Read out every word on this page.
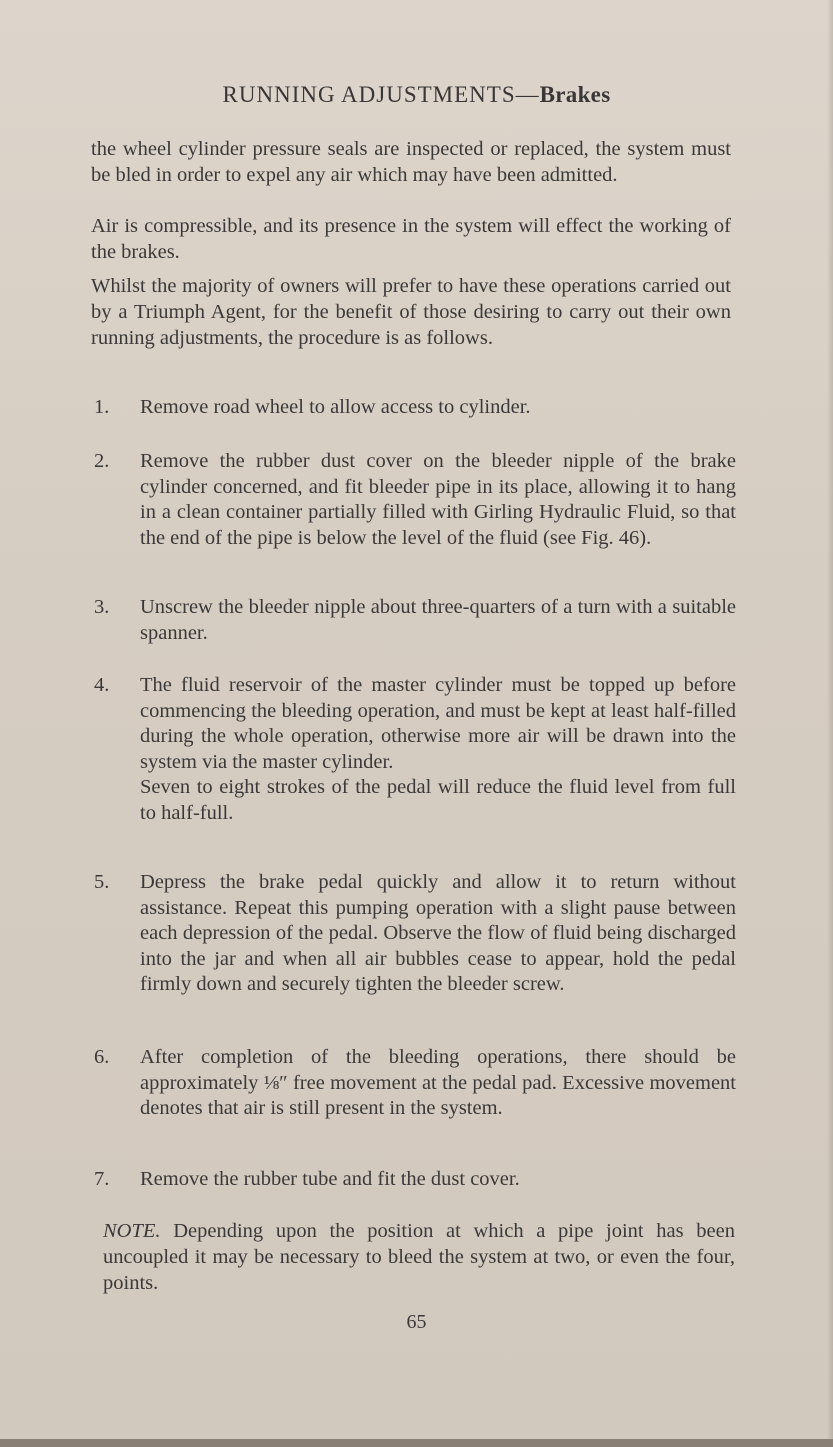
RUNNING ADJUSTMENTS—Brakes

the wheel cylinder pressure seals are inspected or replaced, the system must be bled in order to expel any air which may have been admitted.

Air is compressible, and its presence in the system will effect the working of the brakes.

Whilst the majority of owners will prefer to have these operations carried out by a Triumph Agent, for the benefit of those desiring to carry out their own running adjustments, the procedure is as follows.

1.	Remove road wheel to allow access to cylinder.
2.	Remove the rubber dust cover on the bleeder nipple of the brake cylinder concerned, and fit bleeder pipe in its place, allowing it to hang in a clean container partially filled with Girling Hydraulic Fluid, so that the end of the pipe is below the level of the fluid (see Fig. 46).
3.	Unscrew the bleeder nipple about three-quarters of a turn with a suitable spanner.
4.	The fluid reservoir of the master cylinder must be topped up before commencing the bleeding operation, and must be kept at least half-filled during the whole operation, otherwise more air will be drawn into the system via the master cylinder.
Seven to eight strokes of the pedal will reduce the fluid level from full to half-full.
5.	Depress the brake pedal quickly and allow it to return without assistance. Repeat this pumping operation with a slight pause between each depression of the pedal. Observe the flow of fluid being discharged into the jar and when all air bubbles cease to appear, hold the pedal firmly down and securely tighten the bleeder screw.
6.	After completion of the bleeding operations, there should be approximately ⅛″ free movement at the pedal pad. Excessive movement denotes that air is still present in the system.
7.	Remove the rubber tube and fit the dust cover.

NOTE. Depending upon the position at which a pipe joint has been uncoupled it may be necessary to bleed the system at two, or even the four, points.

65
